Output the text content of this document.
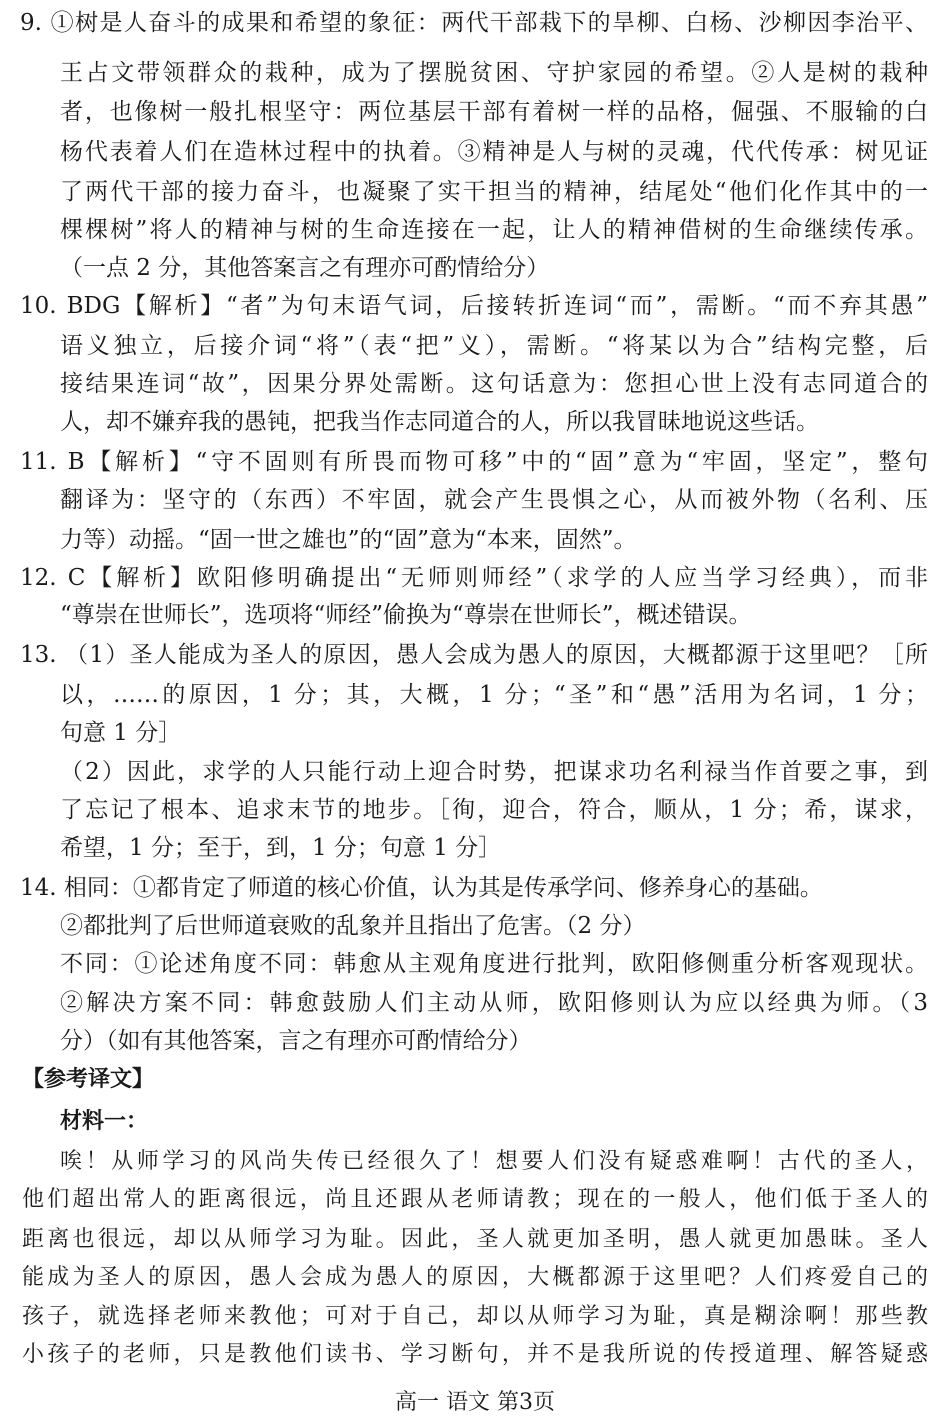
9. ①树是人奋斗的成果和希望的象征：两代干部栽下的旱柳、白杨、沙柳因李治平、
王占文带领群众的栽种，成为了摆脱贫困、守护家园的希望。②人是树的栽种
者，也像树一般扎根坚守：两位基层干部有着树一样的品格，倔强、不服输的白
杨代表着人们在造林过程中的执着。③精神是人与树的灵魂，代代传承：树见证
了两代干部的接力奋斗，也凝聚了实干担当的精神，结尾处“他们化作其中的一
棵棵树”将人的精神与树的生命连接在一起，让人的精神借树的生命继续传承。
（一点 2 分，其他答案言之有理亦可酌情给分）
10. BDG【解析】“者”为句末语气词，后接转折连词“而”，需断。“而不弃其愚”
语义独立，后接介词“将”（表“把”义），需断。“将某以为合”结构完整，后
接结果连词“故”，因果分界处需断。这句话意为：您担心世上没有志同道合的
人，却不嫌弃我的愚钝，把我当作志同道合的人，所以我冒昧地说这些话。
11. B【解析】“守不固则有所畏而物可移”中的“固”意为“牢固，坚定”，整句
翻译为：坚守的（东西）不牢固，就会产生畏惧之心，从而被外物（名利、压
力等）动摇。“固一世之雄也”的“固”意为“本来，固然”。
12. C【解析】欧阳修明确提出“无师则师经”（求学的人应当学习经典），而非
“尊崇在世师长”，选项将“师经”偷换为“尊崇在世师长”，概述错误。
13. （1）圣人能成为圣人的原因，愚人会成为愚人的原因，大概都源于这里吧？［所
以，……的原因，1 分；其，大概，1 分；“圣”和“愚”活用为名词，1 分；
句意 1 分］
（2）因此，求学的人只能行动上迎合时势，把谋求功名利禄当作首要之事，到
了忘记了根本、追求末节的地步。［徇，迎合，符合，顺从，1 分；希，谋求，
希望，1 分；至于，到，1 分；句意 1 分］
14. 相同：①都肯定了师道的核心价值，认为其是传承学问、修养身心的基础。
②都批判了后世师道衰败的乱象并且指出了危害。（2 分）
不同：①论述角度不同：韩愈从主观角度进行批判，欧阳修侧重分析客观现状。
②解决方案不同：韩愈鼓励人们主动从师，欧阳修则认为应以经典为师。（3
分）（如有其他答案，言之有理亦可酌情给分）
【参考译文】
材料一：
唉！从师学习的风尚失传已经很久了！想要人们没有疑惑难啊！古代的圣人，
他们超出常人的距离很远，尚且还跟从老师请教；现在的一般人，他们低于圣人的
距离也很远，却以从师学习为耻。因此，圣人就更加圣明，愚人就更加愚昧。圣人
能成为圣人的原因，愚人会成为愚人的原因，大概都源于这里吧？人们疼爱自己的
孩子，就选择老师来教他；可对于自己，却以从师学习为耻，真是糊涂啊！那些教
小孩子的老师，只是教他们读书、学习断句，并不是我所说的传授道理、解答疑惑
高一 语文 第3页
